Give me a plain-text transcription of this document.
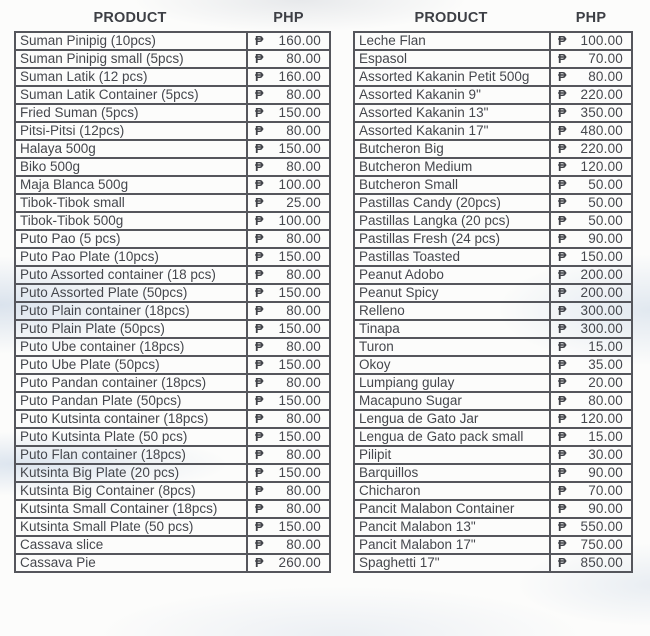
PRODUCT	PHP
Suman Pinipig (10pcs)	₱ 160.00
Suman Pinipig small (5pcs)	₱ 80.00
Suman Latik (12 pcs)	₱ 160.00
Suman Latik Container (5pcs)	₱ 80.00
Fried Suman (5pcs)	₱ 150.00
Pitsi-Pitsi (12pcs)	₱ 80.00
Halaya 500g	₱ 150.00
Biko 500g	₱ 80.00
Maja Blanca 500g	₱ 100.00
Tibok-Tibok small	₱ 25.00
Tibok-Tibok 500g	₱ 100.00
Puto Pao (5 pcs)	₱ 80.00
Puto Pao Plate (10pcs)	₱ 150.00
Puto Assorted container (18 pcs)	₱ 80.00
Puto Assorted Plate (50pcs)	₱ 150.00
Puto Plain container (18pcs)	₱ 80.00
Puto Plain Plate (50pcs)	₱ 150.00
Puto Ube container (18pcs)	₱ 80.00
Puto Ube Plate (50pcs)	₱ 150.00
Puto Pandan container (18pcs)	₱ 80.00
Puto Pandan Plate (50pcs)	₱ 150.00
Puto Kutsinta container (18pcs)	₱ 80.00
Puto Kutsinta Plate (50 pcs)	₱ 150.00
Puto Flan container (18pcs)	₱ 80.00
Kutsinta Big Plate (20 pcs)	₱ 150.00
Kutsinta Big Container (8pcs)	₱ 80.00
Kutsinta Small Container (18pcs)	₱ 80.00
Kutsinta Small Plate (50 pcs)	₱ 150.00
Cassava slice	₱ 80.00
Cassava Pie	₱ 260.00
PRODUCT	PHP
Leche Flan	₱ 100.00
Espasol	₱ 70.00
Assorted Kakanin Petit 500g	₱ 80.00
Assorted Kakanin 9"	₱ 220.00
Assorted Kakanin 13"	₱ 350.00
Assorted Kakanin 17"	₱ 480.00
Butcheron Big	₱ 220.00
Butcheron Medium	₱ 120.00
Butcheron Small	₱ 50.00
Pastillas Candy (20pcs)	₱ 50.00
Pastillas Langka (20 pcs)	₱ 50.00
Pastillas Fresh (24 pcs)	₱ 90.00
Pastillas Toasted	₱ 150.00
Peanut Adobo	₱ 200.00
Peanut Spicy	₱ 200.00
Relleno	₱ 300.00
Tinapa	₱ 300.00
Turon	₱ 15.00
Okoy	₱ 35.00
Lumpiang gulay	₱ 20.00
Macapuno Sugar	₱ 80.00
Lengua de Gato Jar	₱ 120.00
Lengua de Gato pack small	₱ 15.00
Pilipit	₱ 30.00
Barquillos	₱ 90.00
Chicharon	₱ 70.00
Pancit Malabon Container	₱ 90.00
Pancit Malabon 13"	₱ 550.00
Pancit Malabon 17"	₱ 750.00
Spaghetti 17"	₱ 850.00
